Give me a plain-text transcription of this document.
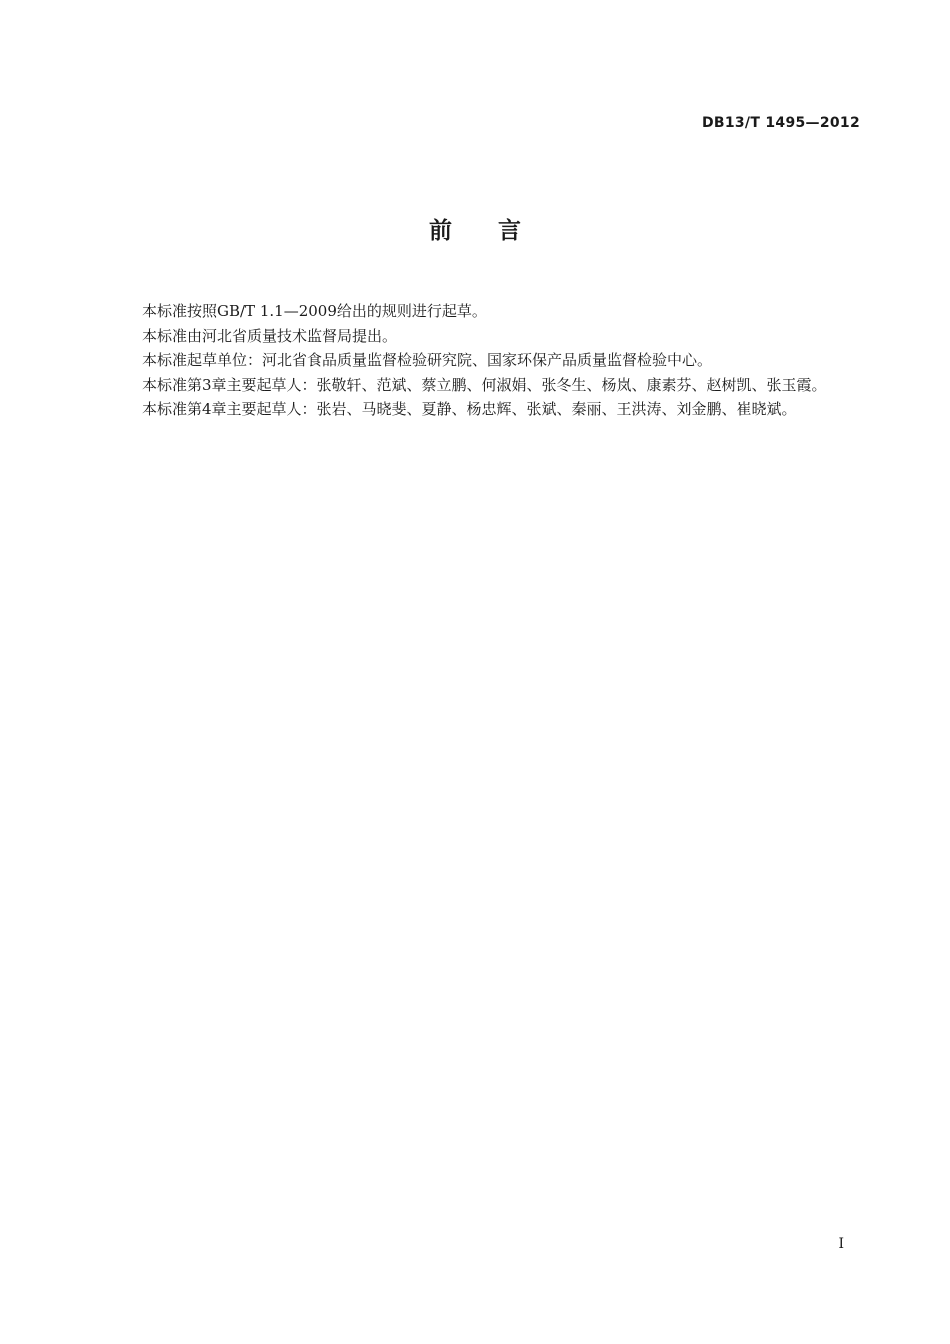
DB13/T 1495—2012
前 言

本标准按照GB/T 1.1—2009给出的规则进行起草。

本标准由河北省质量技术监督局提出。

本标准起草单位：河北省食品质量监督检验研究院、国家环保产品质量监督检验中心。

本标准第3章主要起草人：张敬轩、范斌、蔡立鹏、何淑娟、张冬生、杨岚、康素芬、赵树凯、张玉霞。

本标准第4章主要起草人：张岩、马晓斐、夏静、杨忠辉、张斌、秦丽、王洪涛、刘金鹏、崔晓斌。

I
